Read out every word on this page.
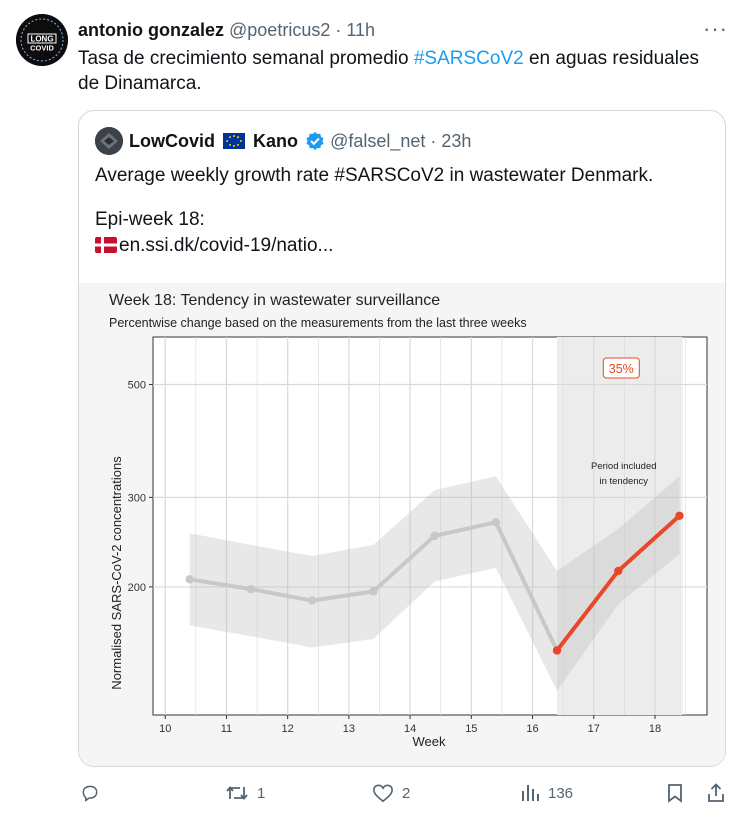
LONG
COVID
antonio gonzalez @poetricus2 · 11h	···
Tasa de crecimiento semanal promedio #SARSCoV2 en aguas residuales de Dinamarca.
LowCovid Kano @falsel_net · 23h
Average weekly growth rate #SARSCoV2 in wastewater Denmark.
Epi-week 18:
en.ssi.dk/covid-19/natio...
Week 18: Tendency in wastewater surveillance
Percentwise change based on the measurements from the last three weeks
10	11	12	13	14	15	16	17	18
200
300
500
Period included
in tendency
35%
Week
Normalised SARS-CoV-2 concentrations
1	2	136
